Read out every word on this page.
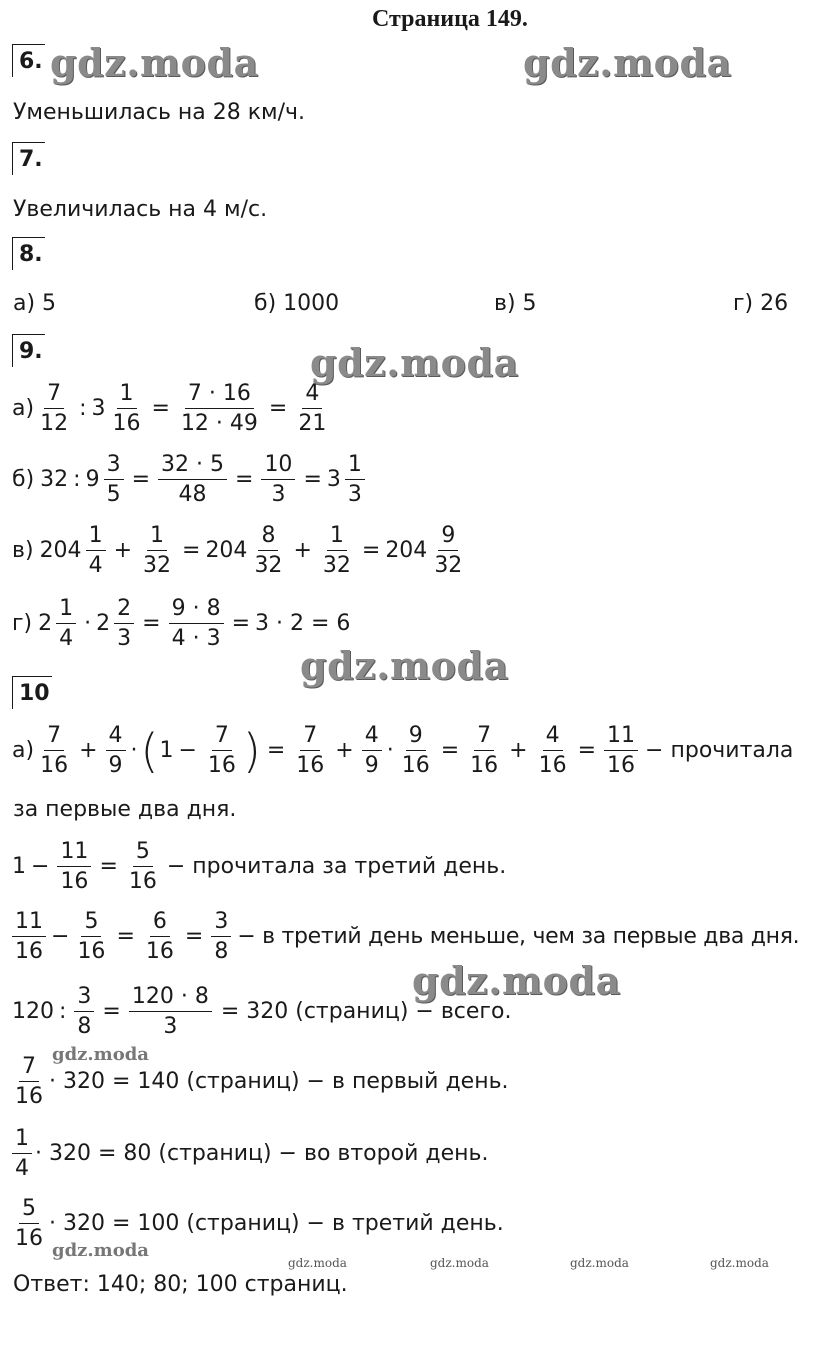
Страница 149.
gdz.moda	gdz.moda
gdz.moda
gdz.moda
gdz.moda
gdz.moda
gdz.moda
gdz.moda	gdz.moda	gdz.moda	gdz.moda
6.
Уменьшилась на 28 км/ч.
7.
Увеличилась на 4 м/с.
8.
а) 5	б) 1000	в) 5	г) 26
9.
$а) \frac{7}{12}$ : $3 \frac{1}{16} = \frac{7 \cdot 16}{12 \cdot 49} = \frac{4}{21}$
б) 32 : $9 \frac{3}{5} = \frac{32 \cdot 5}{48} = \frac{10}{3} = 3 \frac{1}{3}$
в) $204 \frac{1}{4} + \frac{1}{32} = 204 \frac{8}{32} + \frac{1}{32} = 204 \frac{9}{32}$
г) $2 \frac{1}{4} \cdot 2 \frac{2}{3} = \frac{9 \cdot 8}{4 \cdot 3} = 3 \cdot 2 = 6$
10
$а) \frac{7}{16} + \frac{4}{9}$ · ( $1 - \frac{7}{16}$ ) = $\frac{7}{16} + \frac{4}{9} \cdot \frac{9}{16} = \frac{7}{16} + \frac{4}{16} = \frac{11}{16}$ − прочитала
за первые два дня.
$1 - \frac{11}{16} = \frac{5}{16}$ − прочитала за третий день.
$\frac{11}{16} - \frac{5}{16} = \frac{6}{16} = \frac{3}{8} - в$ третий день меньше, чем за первые два дня.
120 : $\frac{3}{8} = \frac{120 \cdot 8}{3} = 320$ (страниц) − всего.
$\frac{7}{16} \cdot 320 = 140$ (страниц) − в первый день.
$\frac{1}{4} \cdot 320 = 80$ (страниц) − во второй день.
$\frac{5}{16} \cdot 320 = 100$ (страниц) − в третий день.
Ответ: 140; 80; 100 страниц.
